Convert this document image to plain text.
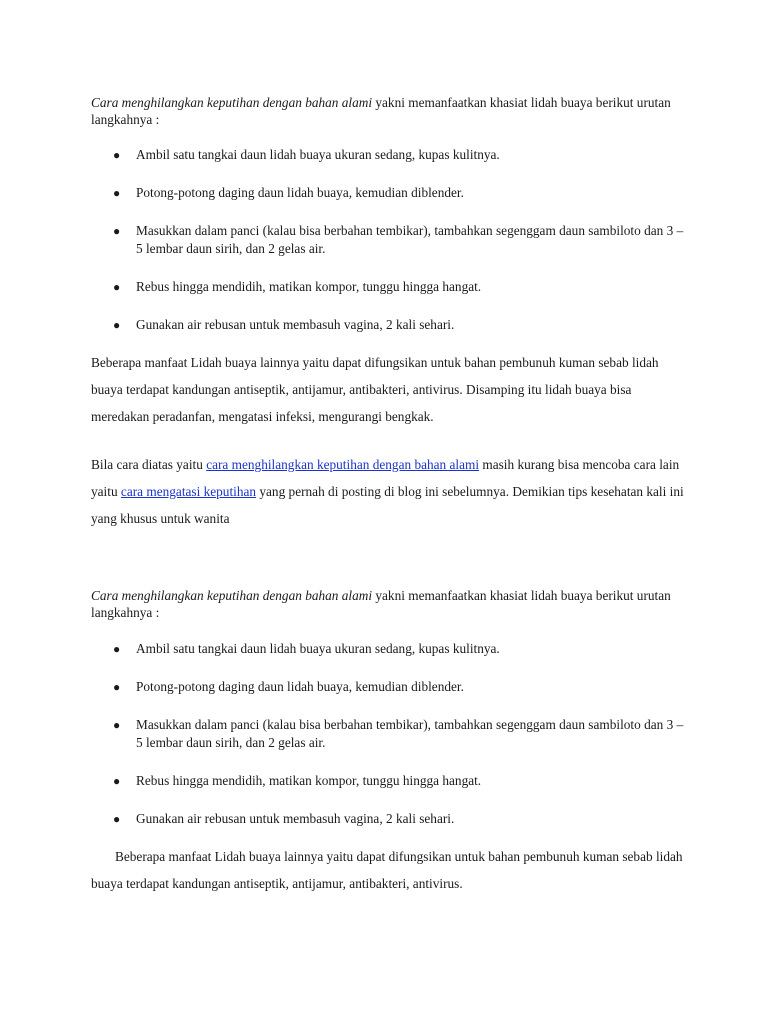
Cara menghilangkan keputihan dengan bahan alami yakni memanfaatkan khasiat lidah buaya berikut urutan langkahnya :

● Ambil satu tangkai daun lidah buaya ukuran sedang, kupas kulitnya.
● Potong-potong daging daun lidah buaya, kemudian diblender.
● Masukkan dalam panci (kalau bisa berbahan tembikar), tambahkan segenggam daun sambiloto dan 3 – 5 lembar daun sirih, dan 2 gelas air.
● Rebus hingga mendidih, matikan kompor, tunggu hingga hangat.
● Gunakan air rebusan untuk membasuh vagina, 2 kali sehari.

Beberapa manfaat Lidah buaya lainnya yaitu dapat difungsikan untuk bahan pembunuh kuman sebab lidah buaya terdapat kandungan antiseptik, antijamur, antibakteri, antivirus. Disamping itu lidah buaya bisa meredakan peradanfan, mengatasi infeksi, mengurangi bengkak.

Bila cara diatas yaitu cara menghilangkan keputihan dengan bahan alami masih kurang bisa mencoba cara lain yaitu cara mengatasi keputihan yang pernah di posting di blog ini sebelumnya. Demikian tips kesehatan kali ini yang khusus untuk wanita

Cara menghilangkan keputihan dengan bahan alami yakni memanfaatkan khasiat lidah buaya berikut urutan langkahnya :

● Ambil satu tangkai daun lidah buaya ukuran sedang, kupas kulitnya.
● Potong-potong daging daun lidah buaya, kemudian diblender.
● Masukkan dalam panci (kalau bisa berbahan tembikar), tambahkan segenggam daun sambiloto dan 3 – 5 lembar daun sirih, dan 2 gelas air.
● Rebus hingga mendidih, matikan kompor, tunggu hingga hangat.
● Gunakan air rebusan untuk membasuh vagina, 2 kali sehari.

Beberapa manfaat Lidah buaya lainnya yaitu dapat difungsikan untuk bahan pembunuh kuman sebab lidah buaya terdapat kandungan antiseptik, antijamur, antibakteri, antivirus.
